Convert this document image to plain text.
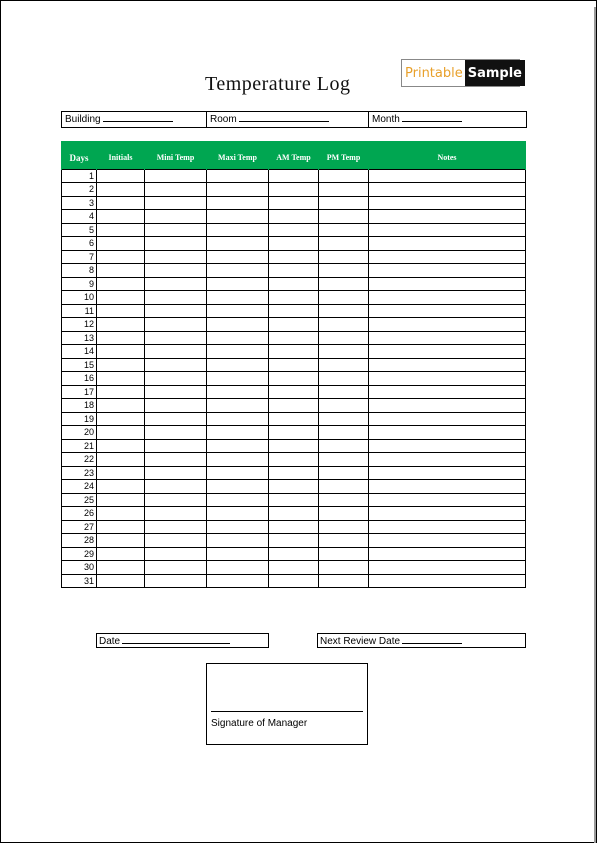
Temperature Log	Printable Sample
Building	Room	Month
Days	Initials	Mini Temp	Maxi Temp	AM Temp	PM Temp	Notes
1						
2						
3						
4						
5						
6						
7						
8						
9						
10						
11						
12						
13						
14						
15						
16						
17						
18						
19						
20						
21						
22						
23						
24						
25						
26						
27						
28						
29						
30						
31						
Date	Next Review Date
Signature of Manager
